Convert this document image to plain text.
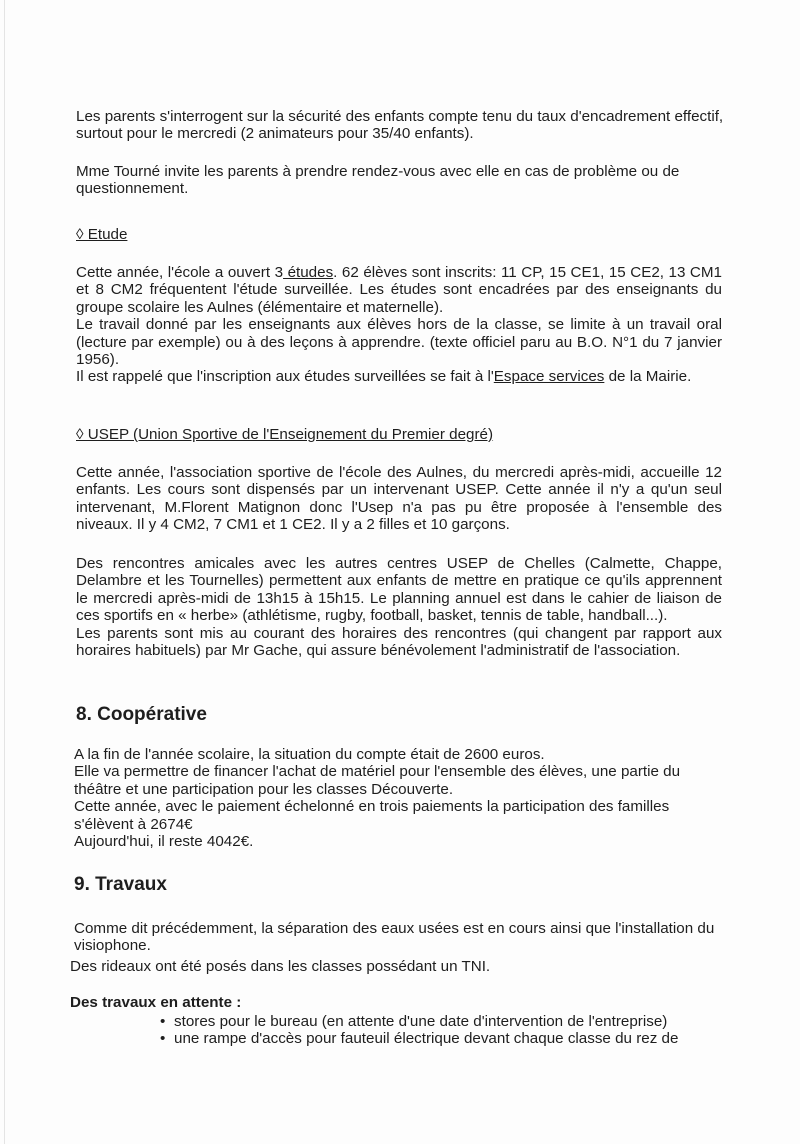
Les parents s'interrogent sur la sécurité des enfants compte tenu du taux d'encadrement effectif, surtout pour le mercredi (2 animateurs pour 35/40 enfants).

Mme Tourné invite les parents à prendre rendez-vous avec elle en cas de problème ou de questionnement.

◊ Etude

Cette année, l'école a ouvert 3 études. 62 élèves sont inscrits: 11 CP, 15 CE1, 15 CE2, 13 CM1 et 8 CM2 fréquentent l'étude surveillée. Les études sont encadrées par des enseignants du groupe scolaire les Aulnes (élémentaire et maternelle).

Le travail donné par les enseignants aux élèves hors de la classe, se limite à un travail oral (lecture par exemple) ou à des leçons à apprendre. (texte officiel paru au B.O. N°1 du 7 janvier 1956).

Il est rappelé que l'inscription aux études surveillées se fait à l'Espace services de la Mairie.

◊ USEP (Union Sportive de l'Enseignement du Premier degré)

Cette année, l'association sportive de l'école des Aulnes, du mercredi après-midi, accueille 12 enfants. Les cours sont dispensés par un intervenant USEP. Cette année il n'y a qu'un seul intervenant, M.Florent Matignon donc l'Usep n'a pas pu être proposée à l'ensemble des niveaux. Il y 4 CM2, 7 CM1 et 1 CE2. Il y a 2 filles et 10 garçons.

Des rencontres amicales avec les autres centres USEP de Chelles (Calmette, Chappe, Delambre et les Tournelles) permettent aux enfants de mettre en pratique ce qu'ils apprennent le mercredi après-midi de 13h15 à 15h15. Le planning annuel est dans le cahier de liaison de ces sportifs en « herbe» (athlétisme, rugby, football, basket, tennis de table, handball...).

Les parents sont mis au courant des horaires des rencontres (qui changent par rapport aux horaires habituels) par Mr Gache, qui assure bénévolement l'administratif de l'association.

8. Coopérative

A la fin de l'année scolaire, la situation du compte était de 2600 euros.

Elle va permettre de financer l'achat de matériel pour l'ensemble des élèves, une partie du théâtre et une participation pour les classes Découverte.

Cette année, avec le paiement échelonné en trois paiements la participation des familles s'élèvent à 2674€

Aujourd'hui, il reste 4042€.

9. Travaux

Comme dit précédemment, la séparation des eaux usées est en cours ainsi que l'installation du visiophone.

Des rideaux ont été posés dans les classes possédant un TNI.

Des travaux en attente :
• stores pour le bureau (en attente d'une date d'intervention de l'entreprise)
• une rampe d'accès pour fauteuil électrique devant chaque classe du rez de
